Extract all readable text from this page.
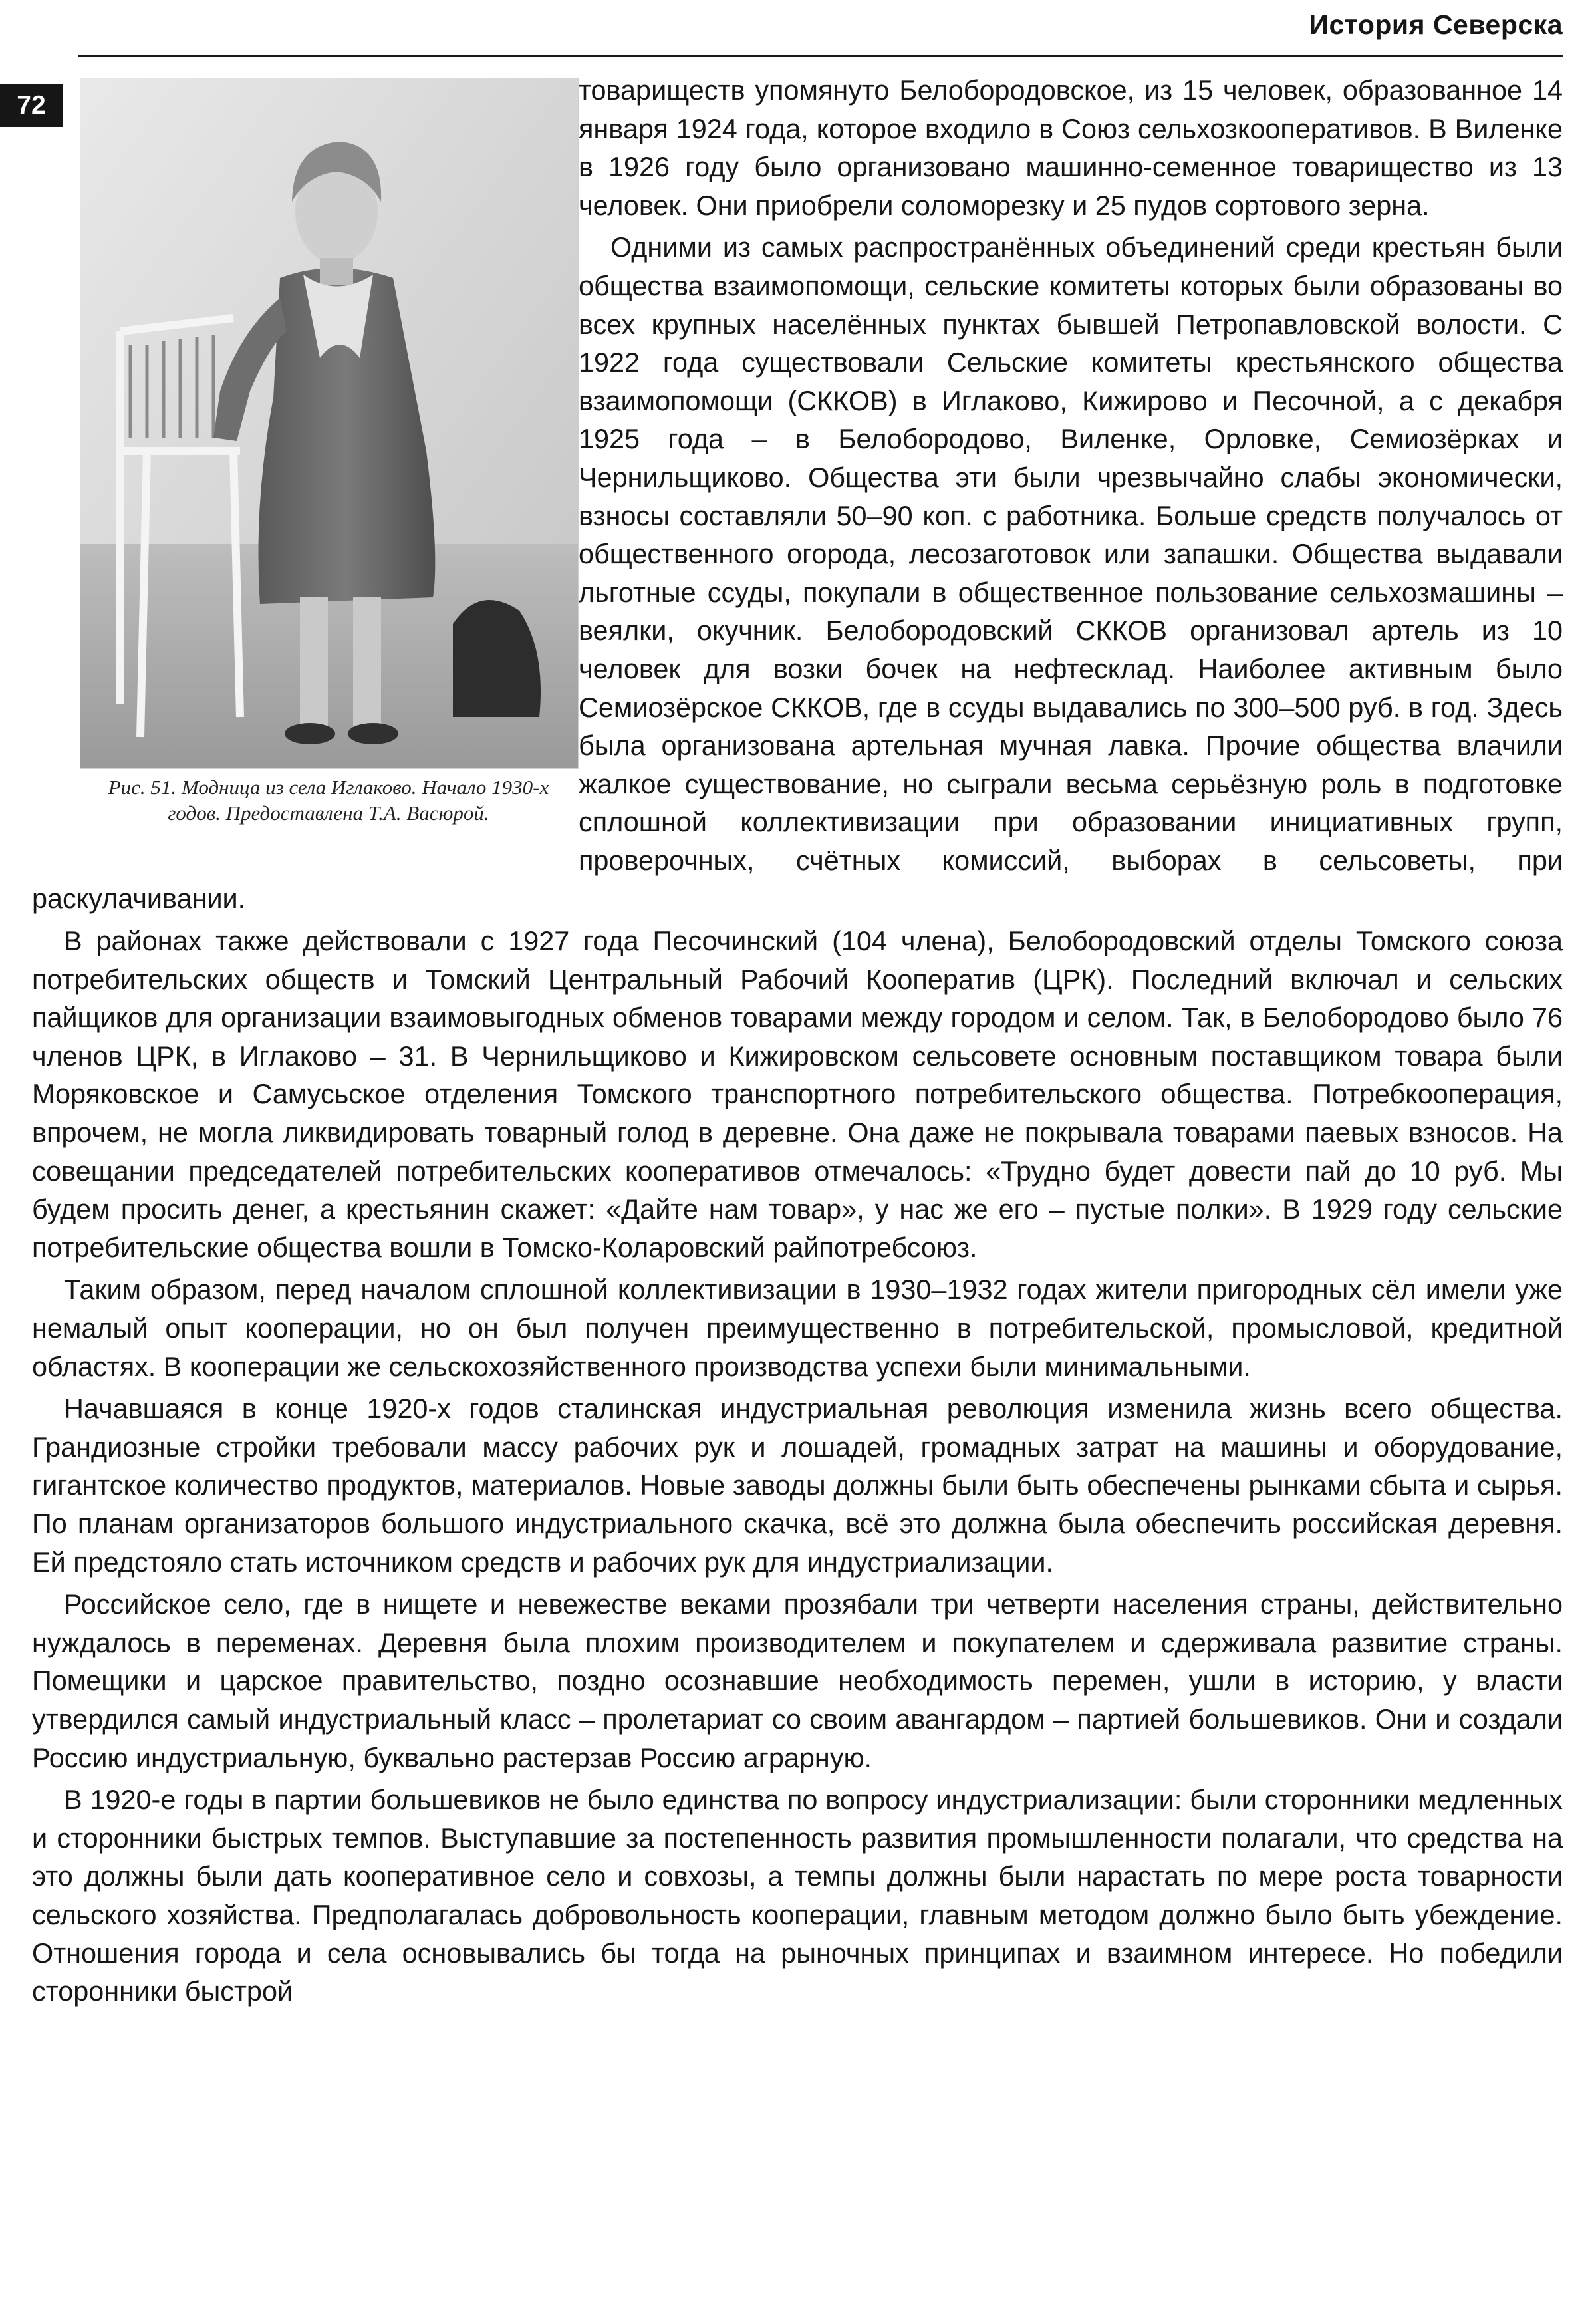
История Северска
72	товариществ упомянуто Белобородовское, из 15 человек, образованное 14 января 1924 года, которое входило в Союз сельхозкооперативов. В Виленке в 1926 году было организовано машинно-семенное товарищество из 13 человек. Они приобрели соломорезку и 25 пудов сортового зерна.

Одними из самых распространённых объединений среди крестьян были общества взаимопомощи, сельские комитеты которых были образованы во всех крупных населённых пунктах бывшей Петропавловской волости. С 1922 года существовали Сельские комитеты крестьянского общества взаимопомощи (СККОВ) в Иглаково, Кижирово и Песочной, а с декабря 1925 года – в Белобородово, Виленке, Орловке, Семиозёрках и Чернильщиково. Общества эти были чрезвычайно слабы экономически, взносы составляли 50–90 коп. с работника. Больше средств получалось от общественного огорода, лесозаготовок или запашки. Общества выдавали льготные ссуды, покупали в общественное пользование сельхозмашины – веялки, окучник. Белобородовский СККОВ организовал артель из 10 человек для возки бочек на нефтесклад. Наиболее активным было Семиозёрское СККОВ, где в ссуды выдавались по 300–500 руб. в год. Здесь была организована артельная мучная лавка. Прочие общества влачили жалкое существование, но сыграли весьма серьёзную роль в подготовке сплошной коллективизации при образовании инициативных групп, проверочных, счётных комиссий, выборах в сельсоветы, при раскулачивании.

В районах также действовали с 1927 года Песочинский (104 члена), Белобородовский отделы Томского союза потребительских обществ и Томский Центральный Рабочий Кооператив (ЦРК). Последний включал и сельских пайщиков для организации взаимовыгодных обменов товарами между городом и селом. Так, в Белобородово было 76 членов ЦРК, в Иглаково – 31. В Чернильщиково и Кижировском сельсовете основным поставщиком товара были Моряковское и Самусьское отделения Томского транспортного потребительского общества. Потребкооперация, впрочем, не могла ликвидировать товарный голод в деревне. Она даже не покрывала товарами паевых взносов. На совещании председателей потребительских кооперативов отмечалось: «Трудно будет довести пай до 10 руб. Мы будем просить денег, а крестьянин скажет: «Дайте нам товар», у нас же его – пустые полки». В 1929 году сельские потребительские общества вошли в Томско-Коларовский райпотребсоюз.

Таким образом, перед началом сплошной коллективизации в 1930–1932 годах жители пригородных сёл имели уже немалый опыт кооперации, но он был получен преимущественно в потребительской, промысловой, кредитной областях. В кооперации же сельскохозяйственного производства успехи были минимальными.

Начавшаяся в конце 1920-х годов сталинская индустриальная революция изменила жизнь всего общества. Грандиозные стройки требовали массу рабочих рук и лошадей, громадных затрат на машины и оборудование, гигантское количество продуктов, материалов. Новые заводы должны были быть обеспечены рынками сбыта и сырья. По планам организаторов большого индустриального скачка, всё это должна была обеспечить российская деревня. Ей предстояло стать источником средств и рабочих рук для индустриализации.

Российское село, где в нищете и невежестве веками прозябали три четверти населения страны, действительно нуждалось в переменах. Деревня была плохим производителем и покупателем и сдерживала развитие страны. Помещики и царское правительство, поздно осознавшие необходимость перемен, ушли в историю, у власти утвердился самый индустриальный класс – пролетариат со своим авангардом – партией большевиков. Они и создали Россию индустриальную, буквально растерзав Россию аграрную.

В 1920-е годы в партии большевиков не было единства по вопросу индустриализации: были сторонники медленных и сторонники быстрых темпов. Выступавшие за постепенность развития промышленности полагали, что средства на это должны были дать кооперативное село и совхозы, а темпы должны были нарастать по мере роста товарности сельского хозяйства. Предполагалась добровольность кооперации, главным методом должно было быть убеждение. Отношения города и села основывались бы тогда на рыночных принципах и взаимном интересе. Но победили сторонники быстрой

Рис. 51. Модница из села Иглаково. Начало 1930-х годов. Предоставлена Т.А. Васюрой.
